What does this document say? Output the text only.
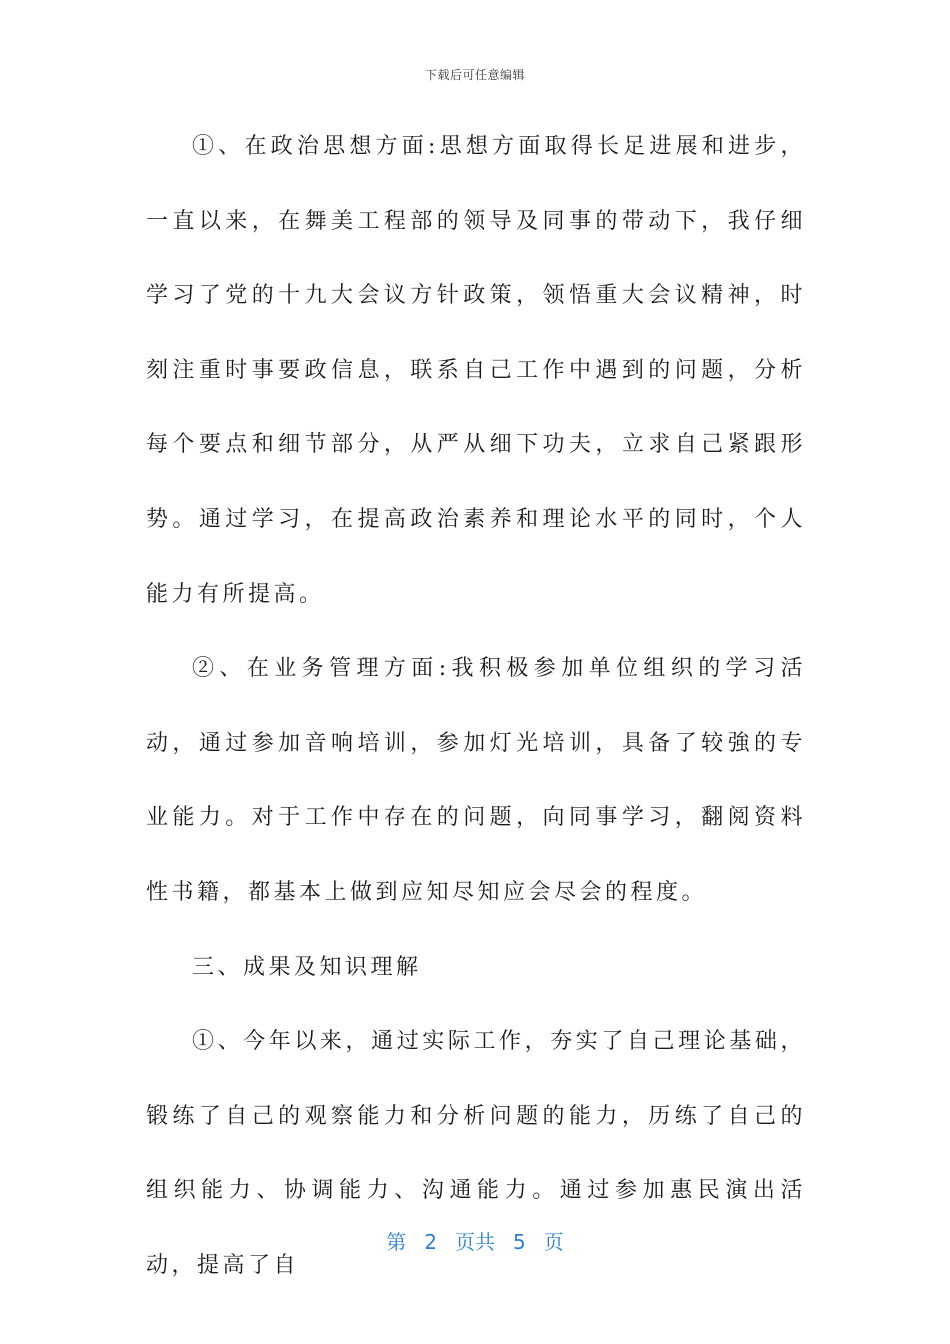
下载后可任意编辑

①、在政治思想方面:思想方面取得长足进展和进步，一直以来，在舞美工程部的领导及同事的带动下，我仔细学习了党的十九大会议方针政策，领悟重大会议精神，时刻注重时事要政信息，联系自己工作中遇到的问题，分析每个要点和细节部分，从严从细下功夫，立求自己紧跟形势。通过学习，在提高政治素养和理论水平的同时，个人能力有所提高。

②、在业务管理方面:我积极参加单位组织的学习活动，通过参加音响培训，参加灯光培训，具备了较強的专业能力。对于工作中存在的问题，向同事学习，翻阅资料性书籍，都基本上做到应知尽知应会尽会的程度。

三、成果及知识理解

①、今年以来，通过实际工作，夯实了自己理论基础，锻练了自己的观察能力和分析问题的能力，历练了自己的组织能力、协调能力、沟通能力。通过参加惠民演出活动，提高了自

第 2 页共 5 页
